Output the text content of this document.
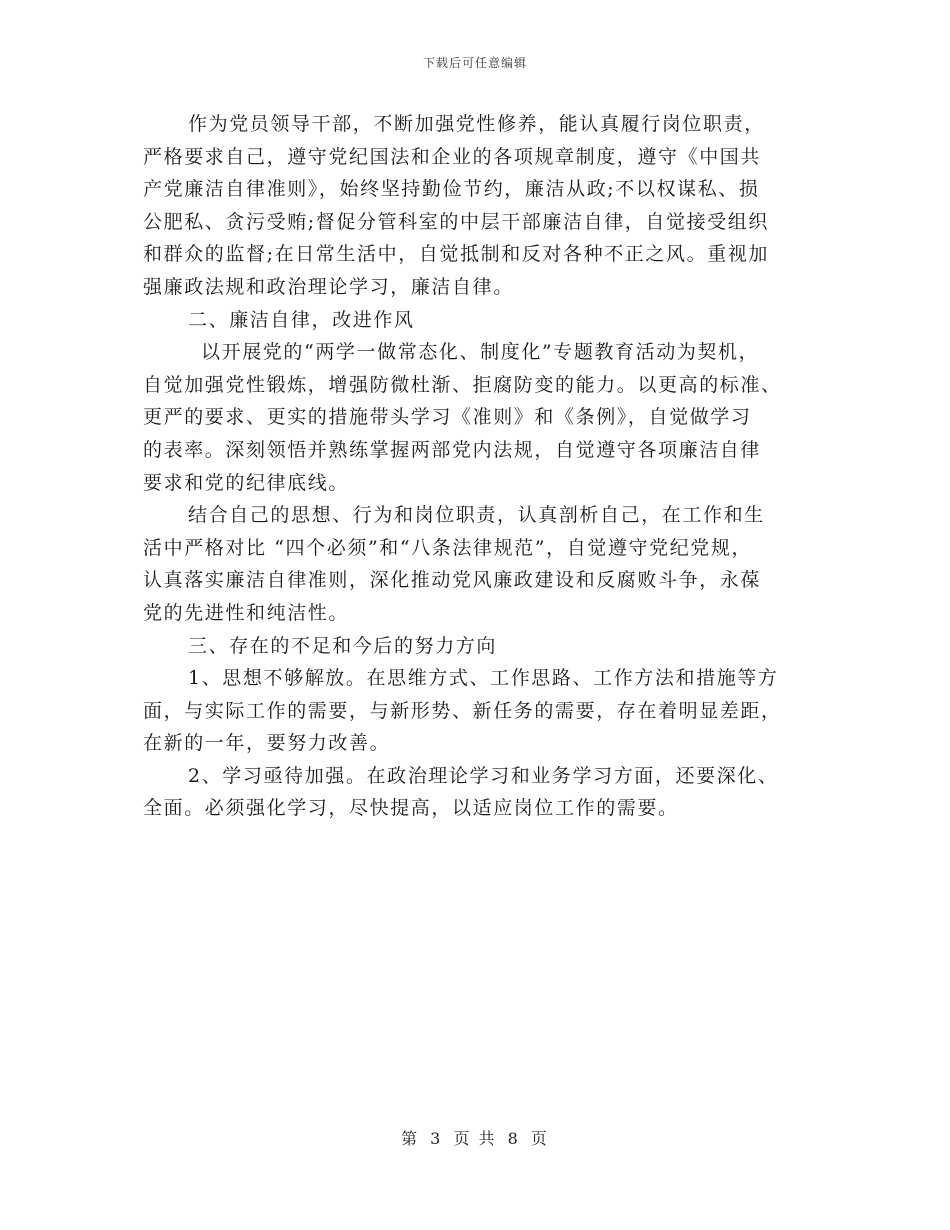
下载后可任意编辑
作为党员领导干部，不断加强党性修养，能认真履行岗位职责，
严格要求自己，遵守党纪国法和企业的各项规章制度，遵守《中国共
产党廉洁自律准则》，始终坚持勤俭节约，廉洁从政;不以权谋私、损
公肥私、贪污受贿;督促分管科室的中层干部廉洁自律，自觉接受组织
和群众的监督;在日常生活中，自觉抵制和反对各种不正之风。重视加
强廉政法规和政治理论学习，廉洁自律。
二、廉洁自律，改进作风
以开展党的“两学一做常态化、制度化”专题教育活动为契机，
自觉加强党性锻炼，增强防微杜渐、拒腐防变的能力。以更高的标准、
更严的要求、更实的措施带头学习《准则》和《条例》，自觉做学习
的表率。深刻领悟并熟练掌握两部党内法规，自觉遵守各项廉洁自律
要求和党的纪律底线。
结合自己的思想、行为和岗位职责，认真剖析自己，在工作和生
活中严格对比 “四个必须”和“八条法律规范”，自觉遵守党纪党规，
认真落实廉洁自律准则，深化推动党风廉政建设和反腐败斗争，永葆
党的先进性和纯洁性。
三、存在的不足和今后的努力方向
1、思想不够解放。在思维方式、工作思路、工作方法和措施等方
面，与实际工作的需要，与新形势、新任务的需要，存在着明显差距，
在新的一年，要努力改善。
2、学习亟待加强。在政治理论学习和业务学习方面，还要深化、
全面。必须强化学习，尽快提高，以适应岗位工作的需要。
第 3 页 共 8 页
